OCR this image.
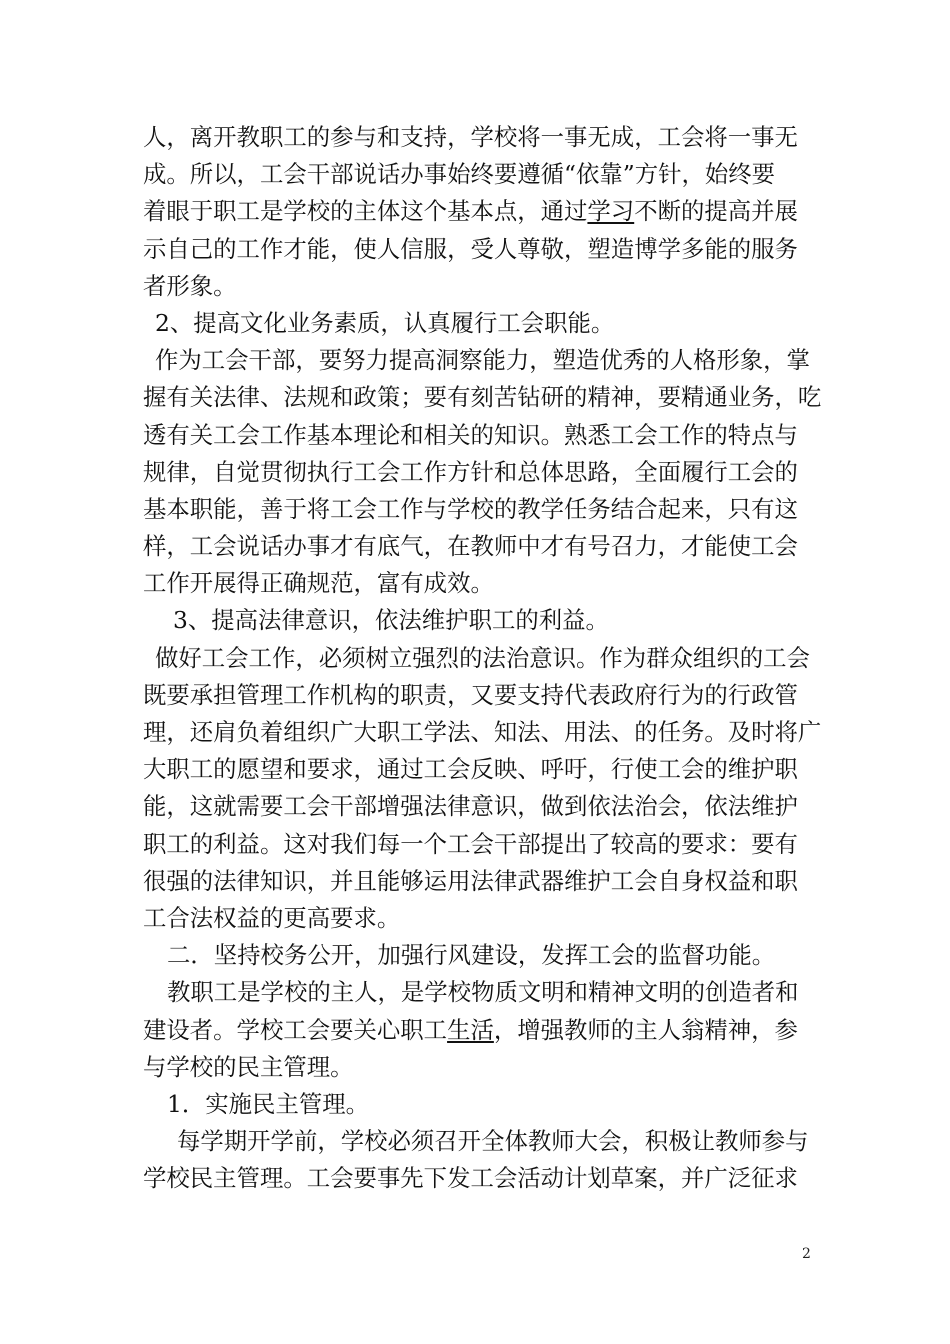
人，离开教职工的参与和支持，学校将一事无成，工会将一事无
成。所以，工会干部说话办事始终要遵循“依靠”方针，始终要
着眼于职工是学校的主体这个基本点，通过学习不断的提高并展
示自己的工作才能，使人信服，受人尊敬，塑造博学多能的服务
者形象。
2、提高文化业务素质，认真履行工会职能。
作为工会干部，要努力提高洞察能力，塑造优秀的人格形象，掌
握有关法律、法规和政策；要有刻苦钻研的精神，要精通业务，吃
透有关工会工作基本理论和相关的知识。熟悉工会工作的特点与
规律，自觉贯彻执行工会工作方针和总体思路，全面履行工会的
基本职能，善于将工会工作与学校的教学任务结合起来，只有这
样，工会说话办事才有底气，在教师中才有号召力，才能使工会
工作开展得正确规范，富有成效。
3、提高法律意识，依法维护职工的利益。
做好工会工作，必须树立强烈的法治意识。作为群众组织的工会
既要承担管理工作机构的职责，又要支持代表政府行为的行政管
理，还肩负着组织广大职工学法、知法、用法、的任务。及时将广
大职工的愿望和要求，通过工会反映、呼吁，行使工会的维护职
能，这就需要工会干部增强法律意识，做到依法治会，依法维护
职工的利益。这对我们每一个工会干部提出了较高的要求：要有
很强的法律知识，并且能够运用法律武器维护工会自身权益和职
工合法权益的更高要求。
二．坚持校务公开，加强行风建设，发挥工会的监督功能。
教职工是学校的主人，是学校物质文明和精神文明的创造者和
建设者。学校工会要关心职工生活，增强教师的主人翁精神，参
与学校的民主管理。
1．实施民主管理。
每学期开学前，学校必须召开全体教师大会，积极让教师参与
学校民主管理。工会要事先下发工会活动计划草案，并广泛征求
2
